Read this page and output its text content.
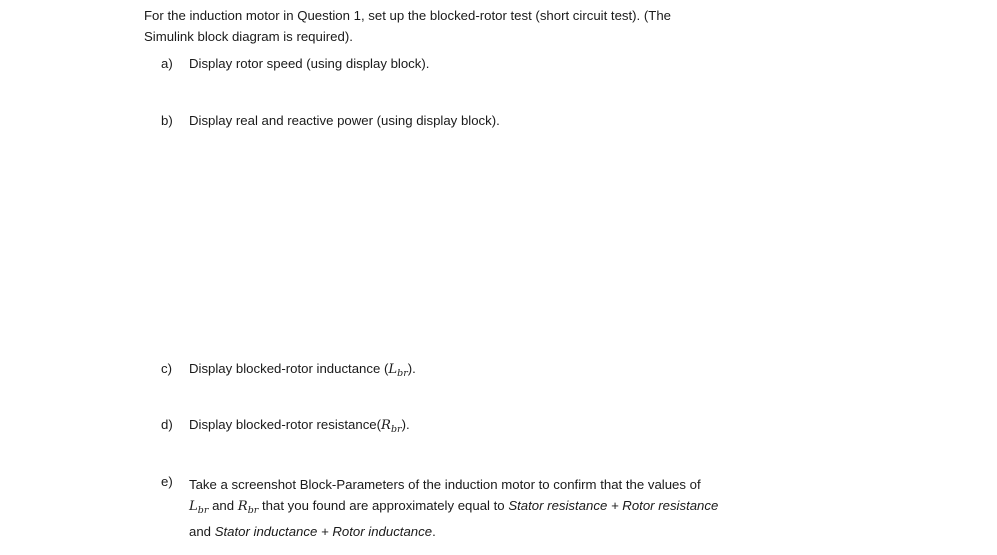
For the induction motor in Question 1, set up the blocked-rotor test (short circuit test). (The
Simulink block diagram is required).
a) Display rotor speed (using display block).
b) Display real and reactive power (using display block).
c) Display blocked-rotor inductance $(L_{br})$.
d) Display blocked-rotor $resistance(R_{br})$.
e) Take a screenshot Block-Parameters of the induction motor to confirm that the values of
$L_{br}$ and $R_{br}$ that you found are approximately equal to Stator resistance + Rotor resistance
and Stator inductance + Rotor inductance.
